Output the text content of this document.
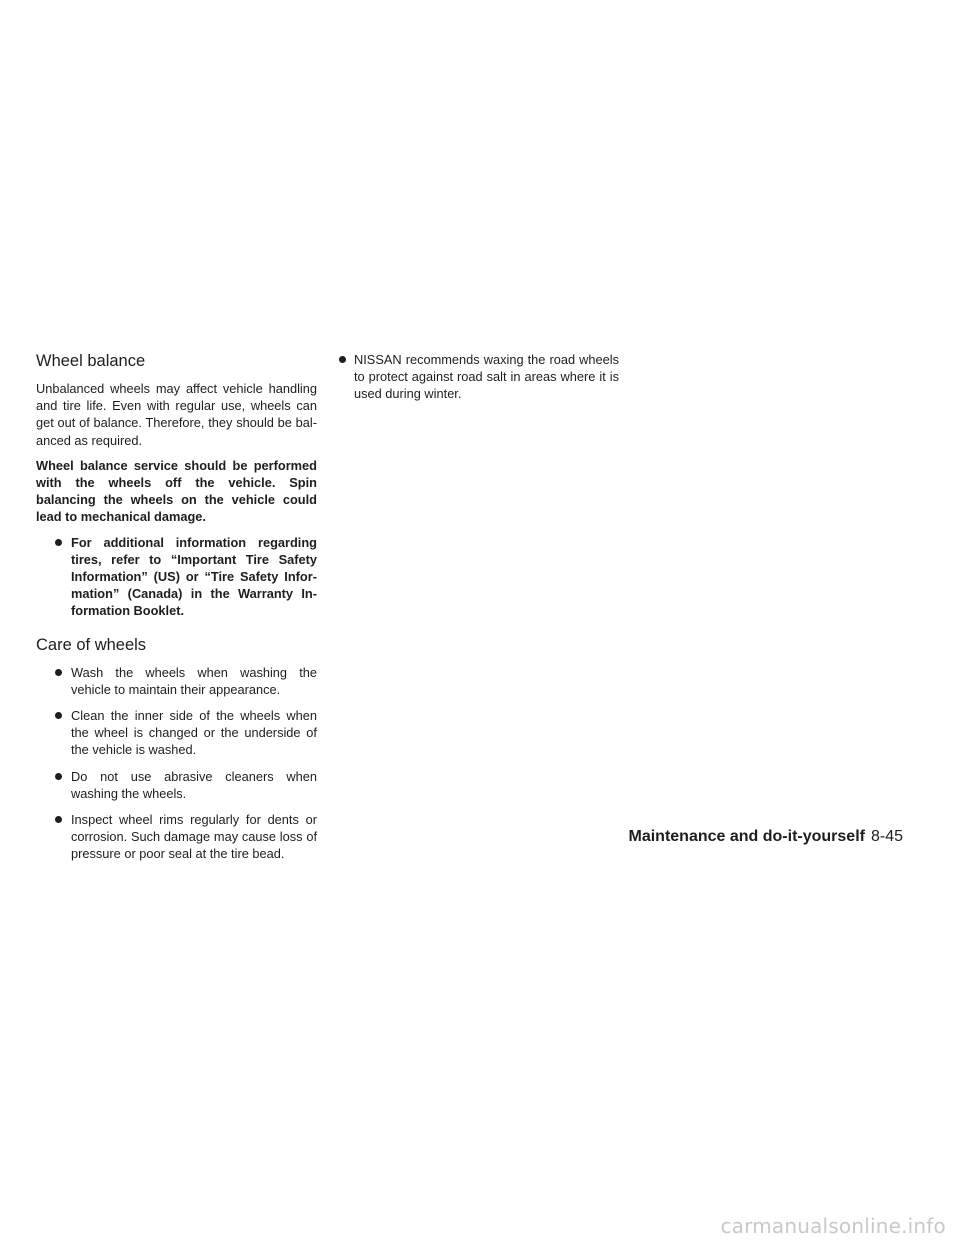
Wheel balance

Unbalanced wheels may affect vehicle handling and tire life. Even with regular use, wheels can get out of balance. Therefore, they should be balanced as required.

Wheel balance service should be performed with the wheels off the vehicle. Spin balancing the wheels on the vehicle could lead to mechanical damage.

For additional information regarding tires, refer to “Important Tire Safety Information” (US) or “Tire Safety Information” (Canada) in the Warranty Information Booklet.
Care of wheels
Wash the wheels when washing the vehicle to maintain their appearance.
Clean the inner side of the wheels when the wheel is changed or the underside of the vehicle is washed.
Do not use abrasive cleaners when washing the wheels.
Inspect wheel rims regularly for dents or corrosion. Such damage may cause loss of pressure or poor seal at the tire bead.
NISSAN recommends waxing the road wheels to protect against road salt in areas where it is used during winter.
Maintenance and do-it-yourself 8-45
carmanualsonline.info
